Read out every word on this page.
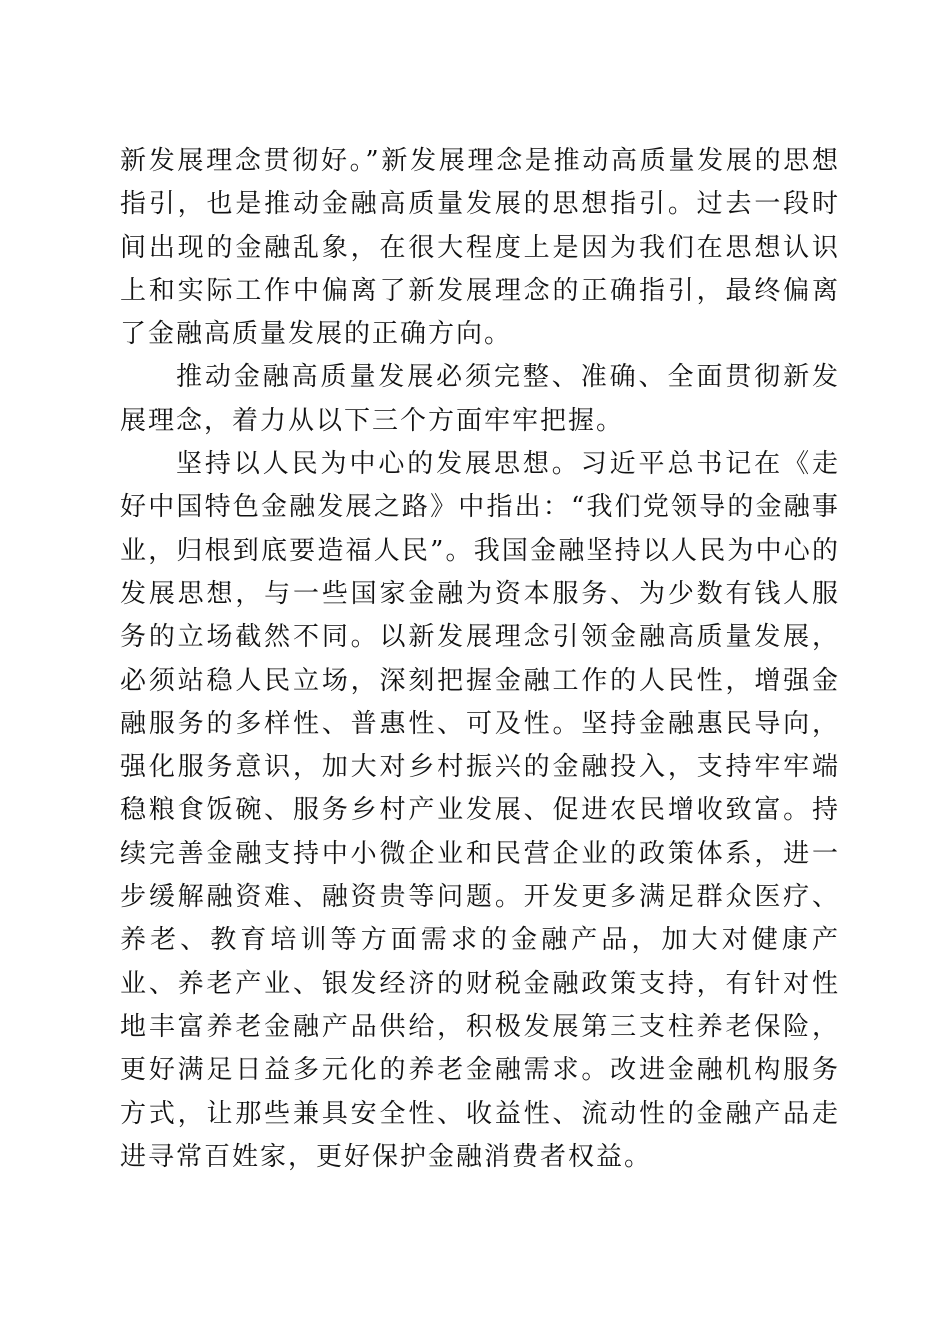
新发展理念贯彻好。”新发展理念是推动高质量发展的思想指引，也是推动金融高质量发展的思想指引。过去一段时间出现的金融乱象，在很大程度上是因为我们在思想认识上和实际工作中偏离了新发展理念的正确指引，最终偏离了金融高质量发展的正确方向。

推动金融高质量发展必须完整、准确、全面贯彻新发展理念，着力从以下三个方面牢牢把握。

坚持以人民为中心的发展思想。习近平总书记在《走好中国特色金融发展之路》中指出：“我们党领导的金融事业，归根到底要造福人民”。我国金融坚持以人民为中心的发展思想，与一些国家金融为资本服务、为少数有钱人服务的立场截然不同。以新发展理念引领金融高质量发展，必须站稳人民立场，深刻把握金融工作的人民性，增强金融服务的多样性、普惠性、可及性。坚持金融惠民导向，强化服务意识，加大对乡村振兴的金融投入，支持牢牢端稳粮食饭碗、服务乡村产业发展、促进农民增收致富。持续完善金融支持中小微企业和民营企业的政策体系，进一步缓解融资难、融资贵等问题。开发更多满足群众医疗、养老、教育培训等方面需求的金融产品，加大对健康产业、养老产业、银发经济的财税金融政策支持，有针对性地丰富养老金融产品供给，积极发展第三支柱养老保险，更好满足日益多元化的养老金融需求。改进金融机构服务方式，让那些兼具安全性、收益性、流动性的金融产品走进寻常百姓家，更好保护金融消费者权益。
